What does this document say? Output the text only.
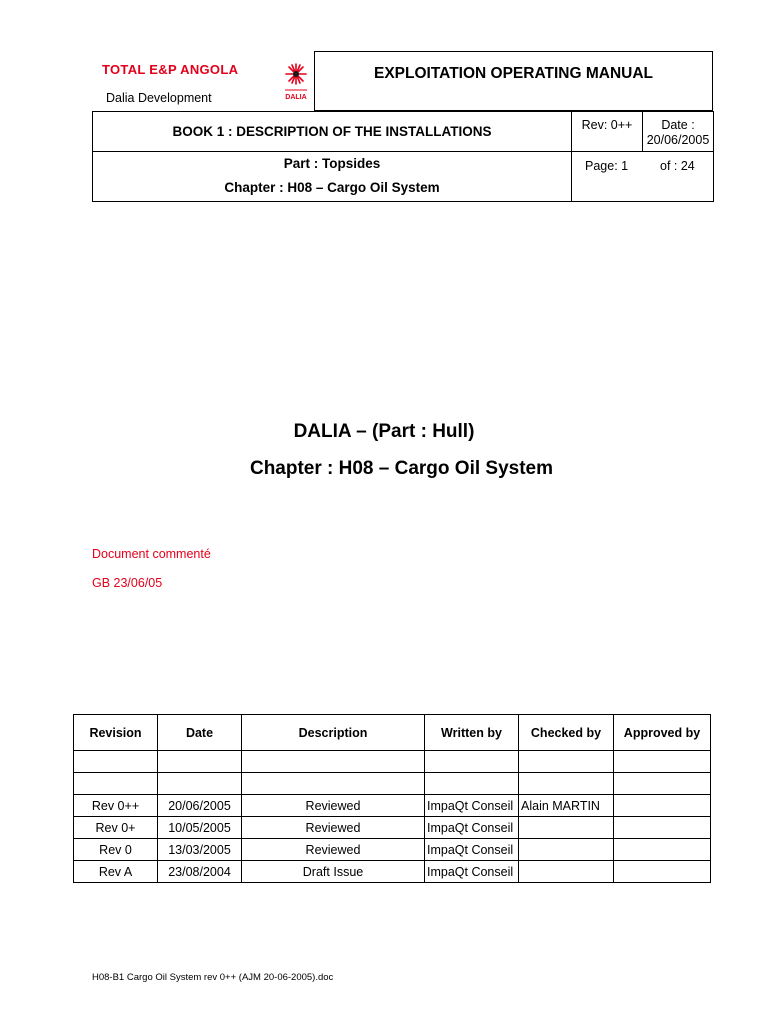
TOTAL E&P ANGOLA
Dalia Development	DALIA
EXPLOITATION OPERATING MANUAL
BOOK 1 : DESCRIPTION OF THE INSTALLATIONS	Rev: 0++	Date :
20/06/2005
Part : Topsides
Chapter : H08 – Cargo Oil System
Page: 1	of : 24
DALIA – (Part : Hull)
Chapter : H08 – Cargo Oil System
Document commenté
GB 23/06/05
Revision	Date	Description	Written by	Checked by	Approved by

Rev 0++	20/06/2005	Reviewed	ImpaQt Conseil	Alain MARTIN	
Rev 0+	10/05/2005	Reviewed	ImpaQt Conseil		
Rev 0	13/03/2005	Reviewed	ImpaQt Conseil		
Rev A	23/08/2004	Draft Issue	ImpaQt Conseil		
H08-B1 Cargo Oil System rev 0++ (AJM 20-06-2005).doc
